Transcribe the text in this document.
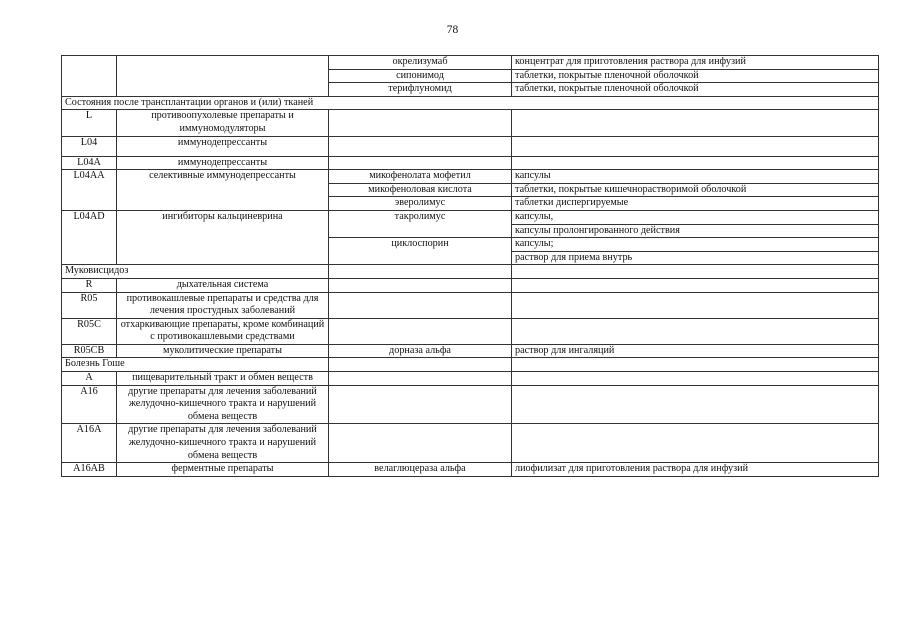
78
		окрелизумаб	концентрат для приготовления раствора для инфузий
		сипонимод	таблетки, покрытые пленочной оболочкой
		терифлуномид	таблетки, покрытые пленочной оболочкой
Состояния после трансплантации органов и (или) тканей			
L	противоопухолевые препараты и иммуномодуляторы		
L04	иммунодепрессанты		
L04A	иммунодепрессанты		
L04AA	селективные иммунодепрессанты	микофенолата мофетил	капсулы
		микофеноловая кислота	таблетки, покрытые кишечнорастворимой оболочкой
		эверолимус	таблетки диспергируемые
L04AD	ингибиторы кальциневрина	такролимус	капсулы,
			капсулы пролонгированного действия
		циклоспорин	капсулы;
			раствор для приема внутрь
Муковисцидоз			
R	дыхательная система		
R05	противокашлевые препараты и средства для лечения простудных заболеваний		
R05C	отхаркивающие препараты, кроме комбинаций с противокашлевыми средствами		
R05CB	муколитические препараты	дорназа альфа	раствор для ингаляций
Болезнь Гоше			
A	пищеварительный тракт и обмен веществ		
A16	другие препараты для лечения заболеваний желудочно-кишечного тракта и нарушений обмена веществ		
A16A	другие препараты для лечения заболеваний желудочно-кишечного тракта и нарушений обмена веществ		
A16AB	ферментные препараты	велаглюцераза альфа	лиофилизат для приготовления раствора для инфузий
